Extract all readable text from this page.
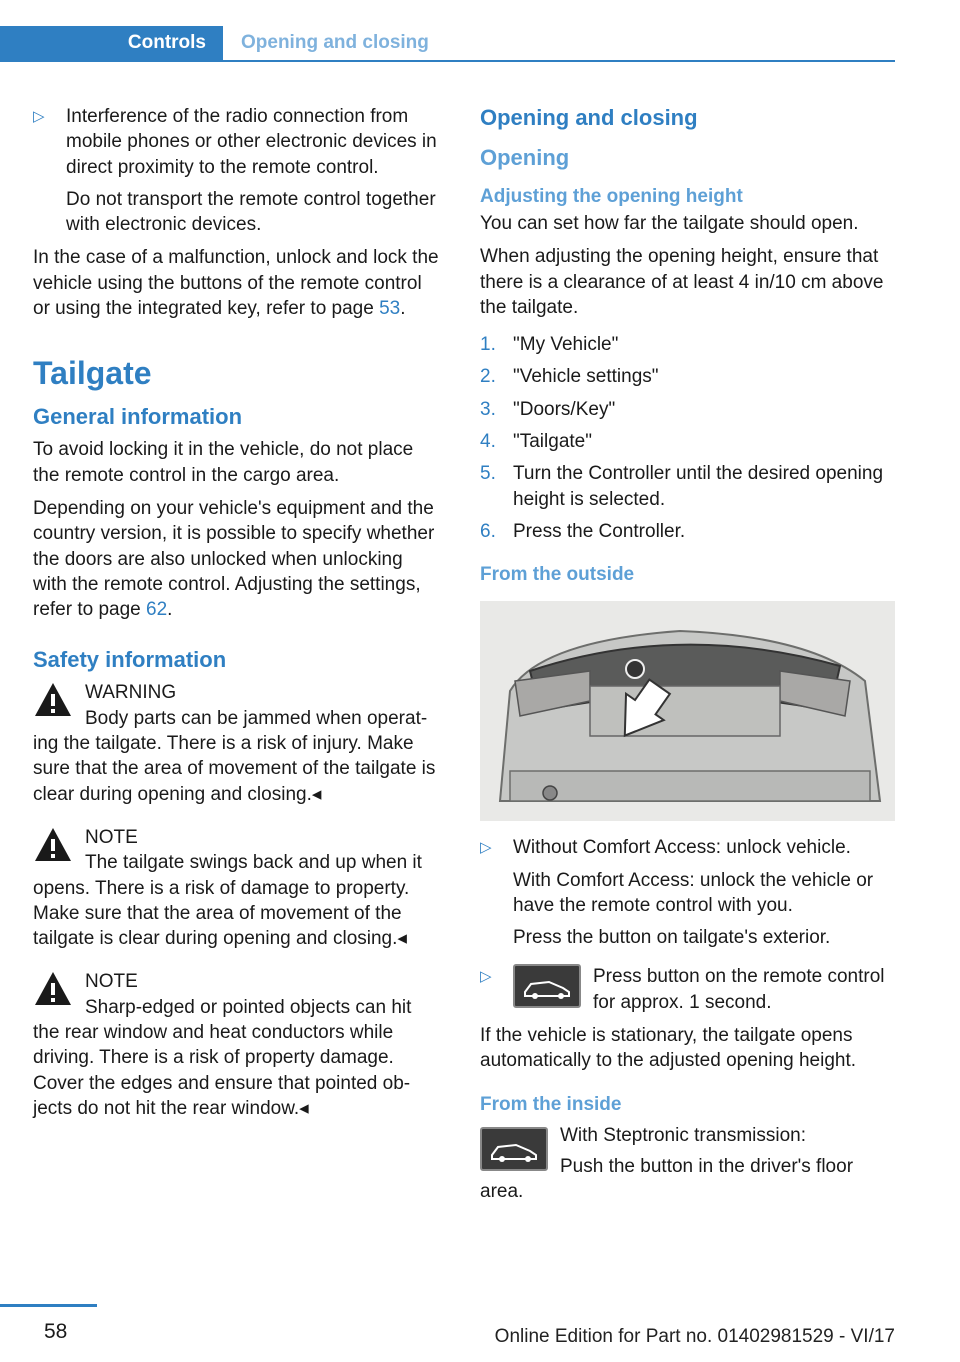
Controls	Opening and closing
▷ Interference of the radio connection from mobile phones or other electronic devices in direct proximity to the remote control.

Do not transport the remote control together with electronic devices.

In the case of a malfunction, unlock and lock the vehicle using the buttons of the remote control or using the integrated key, refer to page 53.

Tailgate
General information

To avoid locking it in the vehicle, do not place the remote control in the cargo area.

Depending on your vehicle's equipment and the country version, it is possible to specify whether the doors are also unlocked when unlocking with the remote control. Adjusting the settings, refer to page 62.

Safety information
WARNING
Body parts can be jammed when operating the tailgate. There is a risk of injury. Make sure that the area of movement of the tailgate is clear during opening and closing.◂
NOTE
The tailgate swings back and up when it opens. There is a risk of damage to property. Make sure that the area of movement of the tailgate is clear during opening and closing.◂
NOTE
Sharp-edged or pointed objects can hit the rear window and heat conductors while driving. There is a risk of property damage. Cover the edges and ensure that pointed objects do not hit the rear window.◂
Opening and closing
Opening
Adjusting the opening height

You can set how far the tailgate should open.

When adjusting the opening height, ensure that there is a clearance of at least 4 in/10 cm above the tailgate.

1. "My Vehicle"
2. "Vehicle settings"
3. "Doors/Key"
4. "Tailgate"
5. Turn the Controller until the desired opening height is selected.
6. Press the Controller.
From the outside
▷ Without Comfort Access: unlock vehicle.

With Comfort Access: unlock the vehicle or have the remote control with you.

Press the button on tailgate's exterior.

▷	Press button on the remote control for approx. 1 second.

If the vehicle is stationary, the tailgate opens automatically to the adjusted opening height.

From the inside

With Steptronic transmission:

Push the button in the driver's floor area.

58	Online Edition for Part no. 01402981529 - VI/17
